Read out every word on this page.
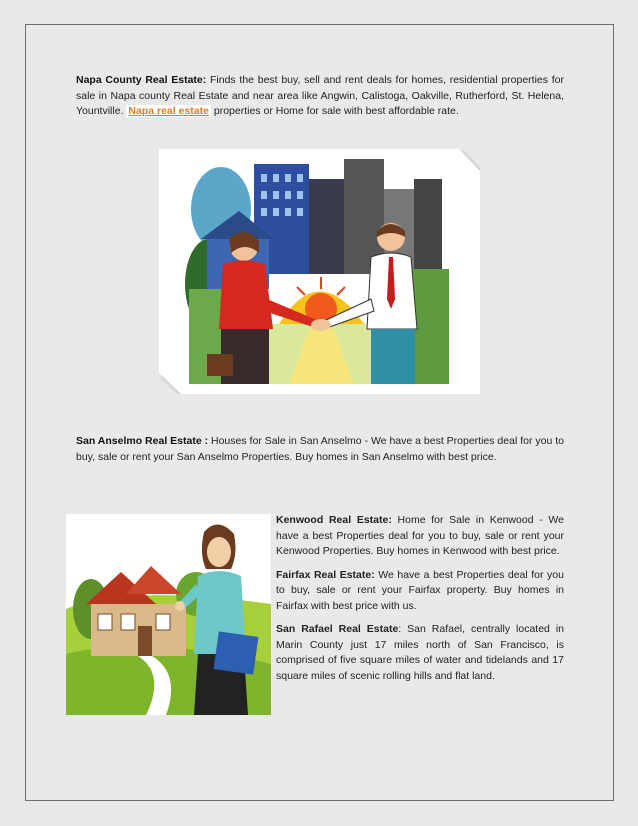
Napa County Real Estate: Finds the best buy, sell and rent deals for homes, residential properties for sale in Napa county Real Estate and near area like Angwin, Calistoga, Oakville, Rutherford, St. Helena, Yountville. Napa real estate properties or Home for sale with best affordable rate.
San Anselmo Real Estate : Houses for Sale in San Anselmo - We have a best Properties deal for you to buy, sale or rent your San Anselmo Properties. Buy homes in San Anselmo with best price.

Kenwood Real Estate: Home for Sale in Kenwood - We have a best Properties deal for you to buy, sale or rent your Kenwood Properties. Buy homes in Kenwood with best price.

Fairfax Real Estate: We have a best Properties deal for you to buy, sale or rent your Fairfax property. Buy homes in Fairfax with best price with us.

San Rafael Real Estate: San Rafael, centrally located in Marin County just 17 miles north of San Francisco, is comprised of five square miles of water and tidelands and 17 square miles of scenic rolling hills and flat land.
